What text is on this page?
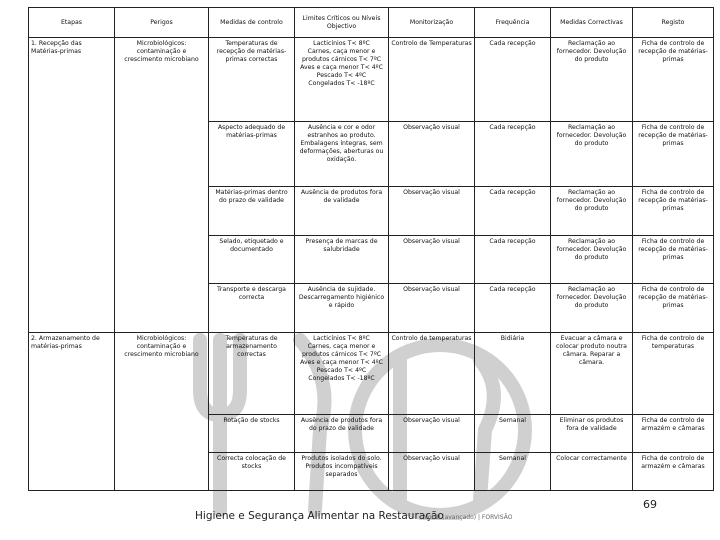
Etapas	Perigos	Medidas de controlo	Limites Críticos ou Níveis Objectivo	Monitorização	Frequência	Medidas Correctivas	Registo
1. Recepção das Matérias-primas	Microbiológicos: contaminação e crescimento microbiano	Temperaturas de recepção de matérias-primas correctas	Lacticínios T< 8ºC
Carnes, caça menor e produtos cárnicos T< 7ºC
Aves e caça menor T< 4ºC
Pescado T< 4ºC
Congelados T< -18ºC	Controlo de Temperaturas	Cada recepção	Reclamação ao fornecedor. Devolução do produto	Ficha de controlo de recepção de matérias-primas
		Aspecto adequado de matérias-primas	Ausência e cor e odor estranhos ao produto. Embalagens íntegras, sem deformações, aberturas ou oxidação.	Observação visual	Cada recepção	Reclamação ao fornecedor. Devolução do produto	Ficha de controlo de recepção de matérias-primas
		Matérias-primas dentro do prazo de validade	Ausência de produtos fora de validade	Observação visual	Cada recepção	Reclamação ao fornecedor. Devolução do produto	Ficha de controlo de recepção de matérias-primas
		Selado, etiquetado e documentado	Presença de marcas de salubridade	Observação visual	Cada recepção	Reclamação ao fornecedor. Devolução do produto	Ficha de controlo de recepção de matérias-primas
		Transporte e descarga correcta	Ausência de sujidade. Descarregamento higiénico e rápido	Observação visual	Cada recepção	Reclamação ao fornecedor. Devolução do produto	Ficha de controlo de recepção de matérias-primas
2. Armazenamento de matérias-primas	Microbiológicos: contaminação e crescimento microbiano	Temperaturas de armazenamento correctas	Lacticínios T< 8ºC
Carnes, caça menor e produtos cárnicos T< 7ºC
Aves e caça menor T< 4ºC
Pescado T< 4ºC
Congelados T< -18ºC	Controlo de temperaturas	Bidiária	Evacuar a câmara e colocar produto noutra câmara. Reparar a câmara.	Ficha de controlo de temperaturas
		Rotação de stocks	Ausência de produtos fora do prazo de validade	Observação visual	Semanal	Eliminar os produtos fora de validade	Ficha de controlo de armazém e câmaras
		Correcta colocação de stocks	Produtos isolados do solo. Produtos incompatíveis separados	Observação visual	Semanal	Colocar correctamente	Ficha de controlo de armazém e câmaras
69
Higiene e Segurança Alimentar na Restauração
Vol. II (avançado) | FORVISÃO
